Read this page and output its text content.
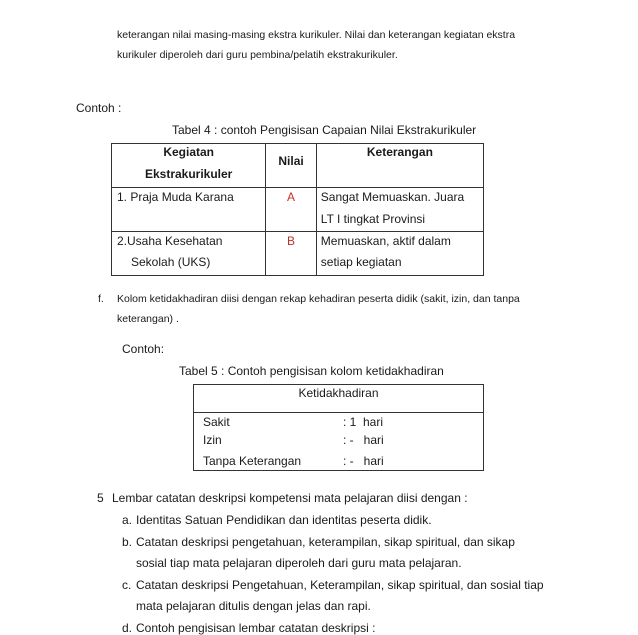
keterangan nilai masing-masing ekstra kurikuler. Nilai dan keterangan kegiatan ekstra
kurikuler diperoleh dari guru pembina/pelatih ekstrakurikuler.
Contoh :
Tabel 4 : contoh Pengisisan Capaian Nilai Ekstrakurikuler
Kegiatan
Ekstrakurikuler	Nilai	Keterangan

1. Praja Muda Karana	A	Sangat Memuaskan. Juara
LT I tingkat Provinsi

2.Usaha Kesehatan
Sekolah (UKS)	B	Memuaskan, aktif dalam
setiap kegiatan
f. Kolom ketidakhadiran diisi dengan rekap kehadiran peserta didik (sakit, izin, dan tanpa
keterangan) .
Contoh:
Tabel 5 : Contoh pengisisan kolom ketidakhadiran
Ketidakhadiran

Sakit	: 1  hari
Izin	: -   hari
Tanpa Keterangan	: -   hari
5 Lembar catatan deskripsi kompetensi mata pelajaran diisi dengan :
a. Identitas Satuan Pendidikan dan identitas peserta didik.
b. Catatan deskripsi pengetahuan, keterampilan, sikap spiritual, dan sikap
sosial tiap mata pelajaran diperoleh dari guru mata pelajaran.
c. Catatan deskripsi Pengetahuan, Keterampilan, sikap spiritual, dan sosial tiap
mata pelajaran ditulis dengan jelas dan rapi.
d. Contoh pengisisan lembar catatan deskripsi :
